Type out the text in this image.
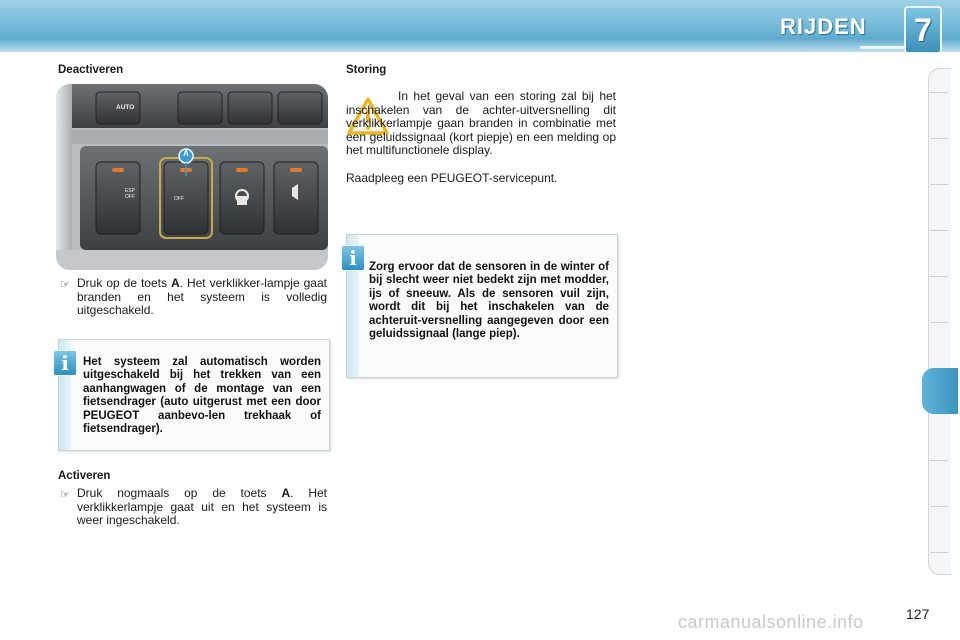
RIJDEN	7
Deactiveren
AUTO
ESP OFF	OFF
A
☞ Druk op de toets A. Het verklikker-lampje gaat branden en het systeem is volledig uitgeschakeld.
Het systeem zal automatisch worden uitgeschakeld bij het trekken van een aanhangwagen of de montage van een fietsendrager (auto uitgerust met een door PEUGEOT aanbevo-len trekhaak of fietsendrager).
i
Activeren
☞ Druk nogmaals op de toets A. Het verklikkerlampje gaat uit en het systeem is weer ingeschakeld.
Storing
In het geval van een storing zal bij het inschakelen van de achter-uitversnelling dit verklikkerlampje gaan branden in combinatie met een geluidssignaal (kort piepje) en een melding op het multifunctionele display.
Raadpleeg een PEUGEOT-servicepunt.
Zorg ervoor dat de sensoren in de winter of bij slecht weer niet bedekt zijn met modder, ijs of sneeuw. Als de sensoren vuil zijn, wordt dit bij het inschakelen van de achteruit-versnelling aangegeven door een geluidssignaal (lange piep).
i
carmanualsonline.info	127
